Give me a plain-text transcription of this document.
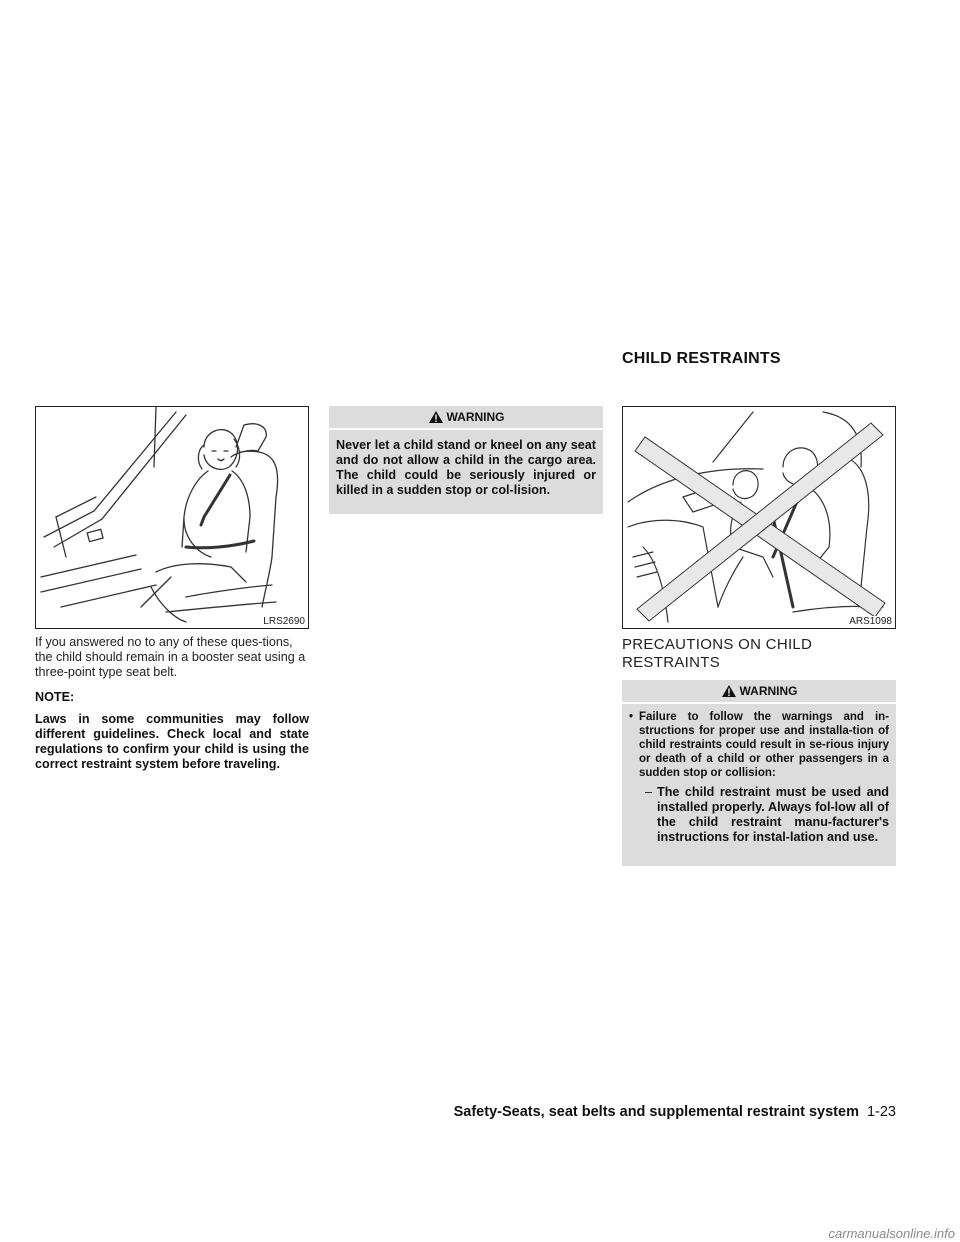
CHILD RESTRAINTS
LRS2690	ARS1098

If you answered no to any of these ques-tions, the child should remain in a booster seat using a three-point type seat belt.

NOTE:

Laws in some communities may follow different guidelines. Check local and state regulations to confirm your child is using the correct restraint system before traveling.

WARNING
Never let a child stand or kneel on any seat and do not allow a child in the cargo area. The child could be seriously injured or killed in a sudden stop or col-lision.
PRECAUTIONS ON CHILD RESTRAINTS
WARNING
• Failure to follow the warnings and in-structions for proper use and installa-tion of child restraints could result in se-rious injury or death of a child or other passengers in a sudden stop or collision:
– The child restraint must be used and installed properly. Always fol-low all of the child restraint manu-facturer's instructions for instal-lation and use.
Safety-Seats, seat belts and supplemental restraint system 1-23
carmanualsonline.info
